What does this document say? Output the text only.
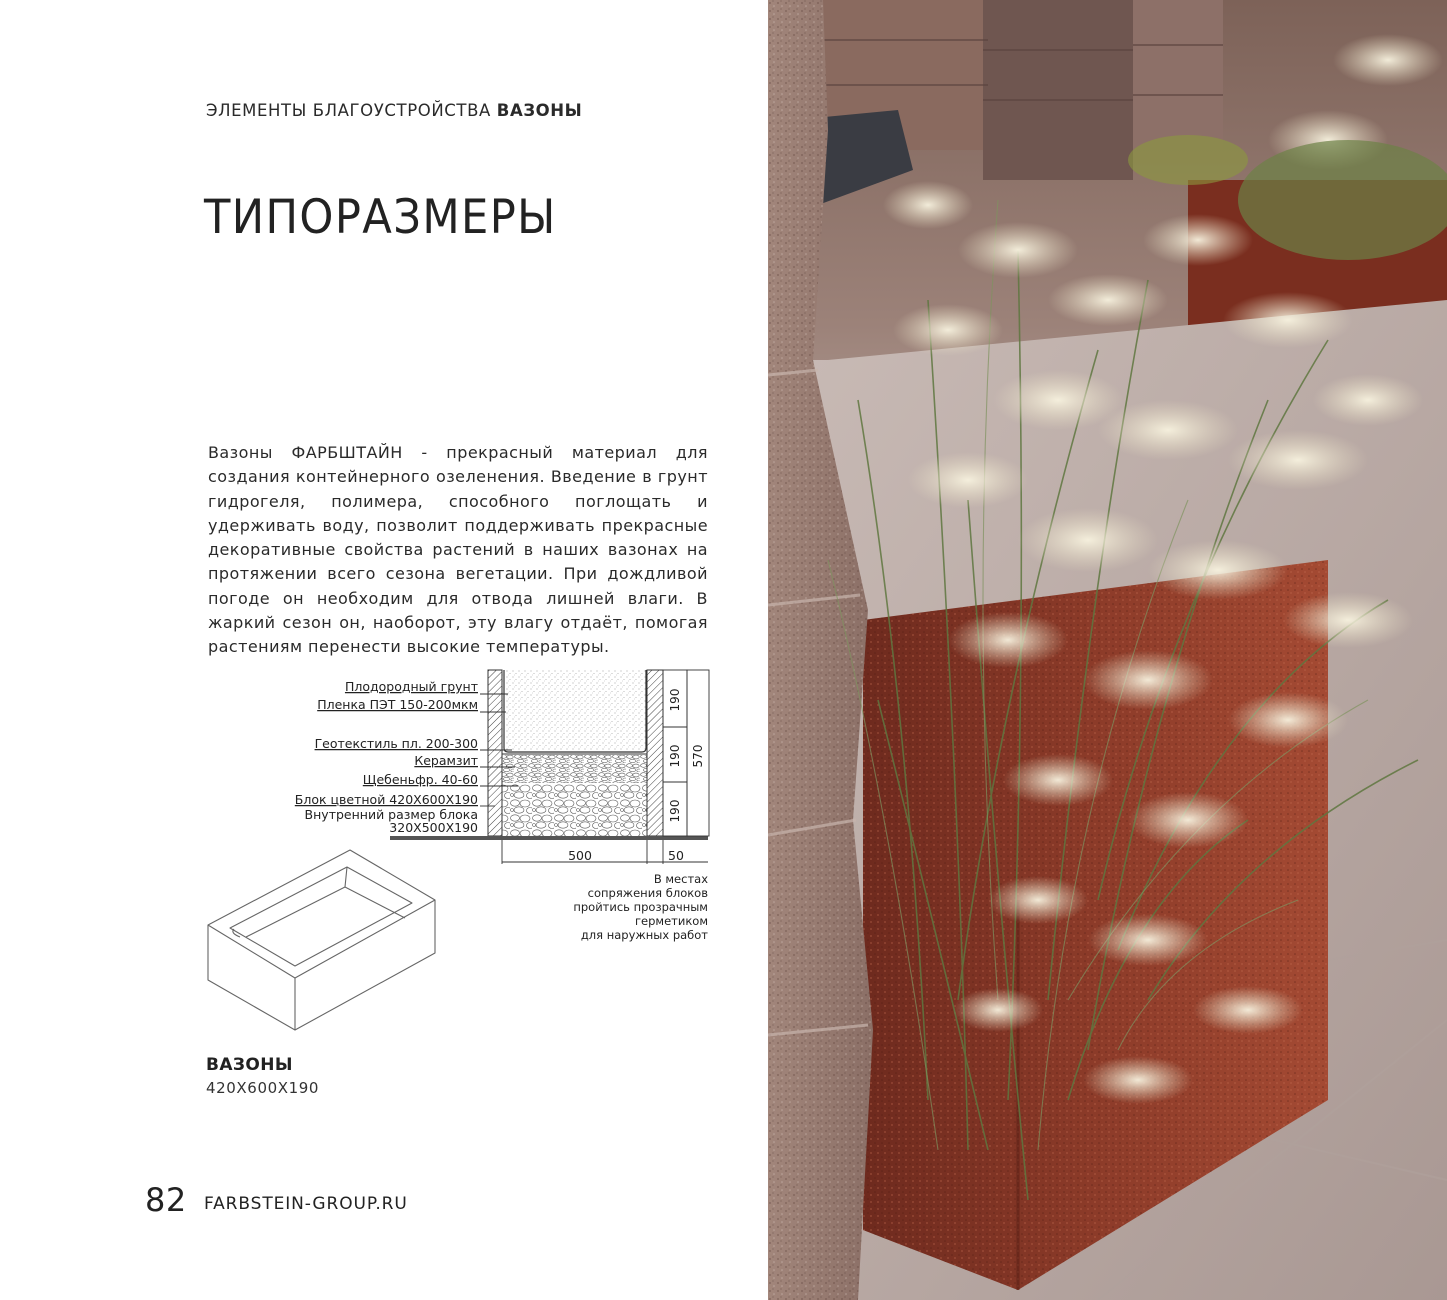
ЭЛЕМЕНТЫ БЛАГОУСТРОЙСТВА ВАЗОНЫ
ТИПОРАЗМЕРЫ

Вазоны ФАРБШТАЙН - прекрасный материал для создания контейнерного озеленения. Введение в грунт гидрогеля, полимера, способного поглощать и удерживать воду, позволит поддерживать прекрасные декоративные свойства растений в наших вазонах на протяжении всего сезона вегетации. При дождливой погоде он необходим для отвода лишней влаги. В жаркий сезон он, наоборот, эту влагу отдаёт, помогая растениям перенести высокие температуры.

190
190
190
570
Плодородный грунт
Пленка ПЭТ 150-200мкм
Геотекстиль пл. 200-300
Керамзит
Щебеньфр. 40-60
Блок цветной 420X600X190
Внутренний размер блока
320X500X190
500	50
В местах
сопряжения блоков
пройтись прозрачным
герметиком
для наружных работ
ВАЗОНЫ
420X600X190
82 FARBSTEIN-GROUP.RU
